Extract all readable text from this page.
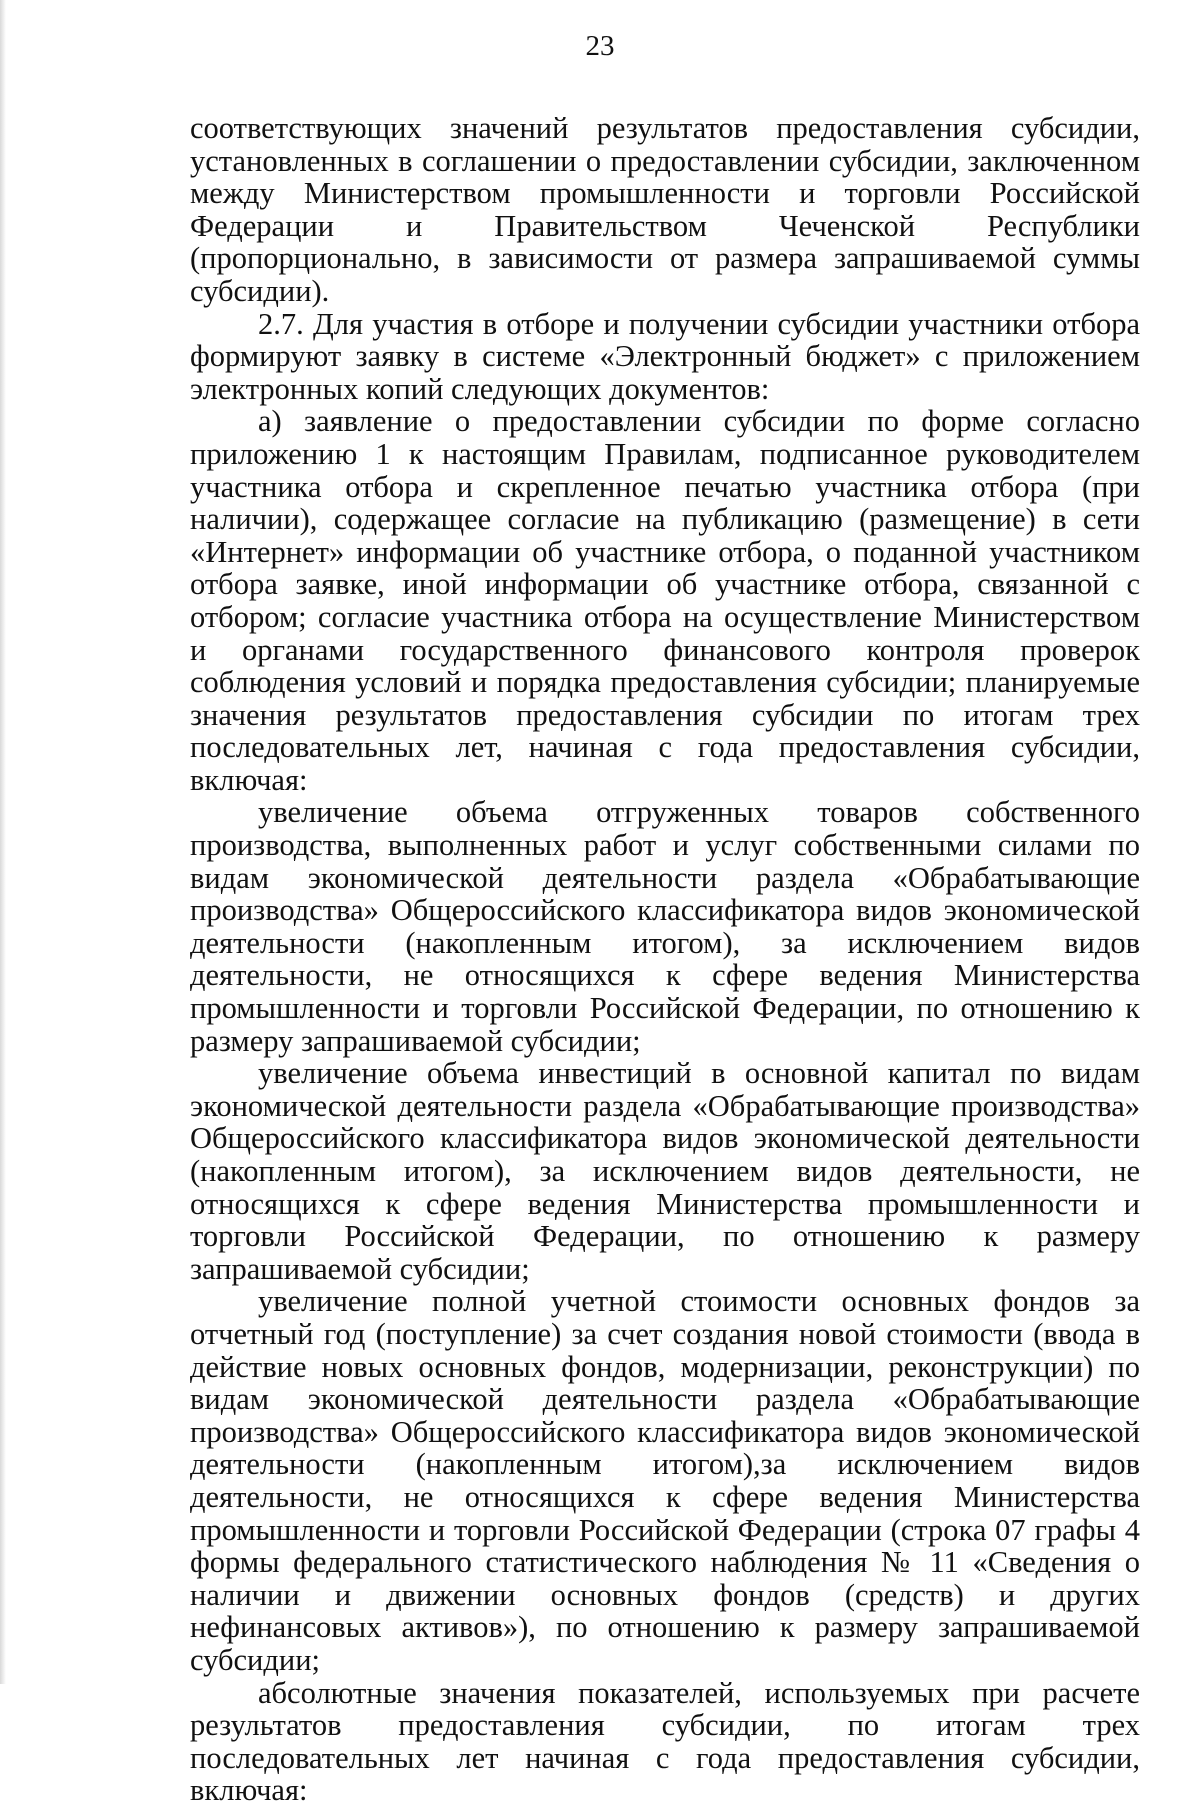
23

соответствующих значений результатов предоставления субсидии, установленных в соглашении о предоставлении субсидии, заключенном между Министерством промышленности и торговли Российской Федерации и Правительством Чеченской Республики (пропорционально, в зависимости от размера запрашиваемой суммы субсидии).

2.7. Для участия в отборе и получении субсидии участники отбора формируют заявку в системе «Электронный бюджет» с приложением электронных копий следующих документов:

а) заявление о предоставлении субсидии по форме согласно приложению 1 к настоящим Правилам, подписанное руководителем участника отбора и скрепленное печатью участника отбора (при наличии), содержащее согласие на публикацию (размещение) в сети «Интернет» информации об участнике отбора, о поданной участником отбора заявке, иной информации об участнике отбора, связанной с отбором; согласие участника отбора на осуществление Министерством и органами государственного финансового контроля проверок соблюдения условий и порядка предоставления субсидии; планируемые значения результатов предоставления субсидии по итогам трех последовательных лет, начиная с года предоставления субсидии, включая:

увеличение объема отгруженных товаров собственного производства, выполненных работ и услуг собственными силами по видам экономической деятельности раздела «Обрабатывающие производства» Общероссийского классификатора видов экономической деятельности (накопленным итогом), за исключением видов деятельности, не относящихся к сфере ведения Министерства промышленности и торговли Российской Федерации, по отношению к размеру запрашиваемой субсидии;

увеличение объема инвестиций в основной капитал по видам экономической деятельности раздела «Обрабатывающие производства» Общероссийского классификатора видов экономической деятельности (накопленным итогом), за исключением видов деятельности, не относящихся к сфере ведения Министерства промышленности и торговли Российской Федерации, по отношению к размеру запрашиваемой субсидии;

увеличение полной учетной стоимости основных фондов за отчетный год (поступление) за счет создания новой стоимости (ввода в действие новых основных фондов, модернизации, реконструкции) по видам экономической деятельности раздела «Обрабатывающие производства» Общероссийского классификатора видов экономической деятельности (накопленным итогом),за исключением видов деятельности, не относящихся к сфере ведения Министерства промышленности и торговли Российской Федерации (строка 07 графы 4 формы федерального статистического наблюдения № 11 «Сведения о наличии и движении основных фондов (средств) и других нефинансовых активов»), по отношению к размеру запрашиваемой субсидии;

абсолютные значения показателей, используемых при расчете результатов предоставления субсидии, по итогам трех последовательных лет начиная с года предоставления субсидии, включая:
